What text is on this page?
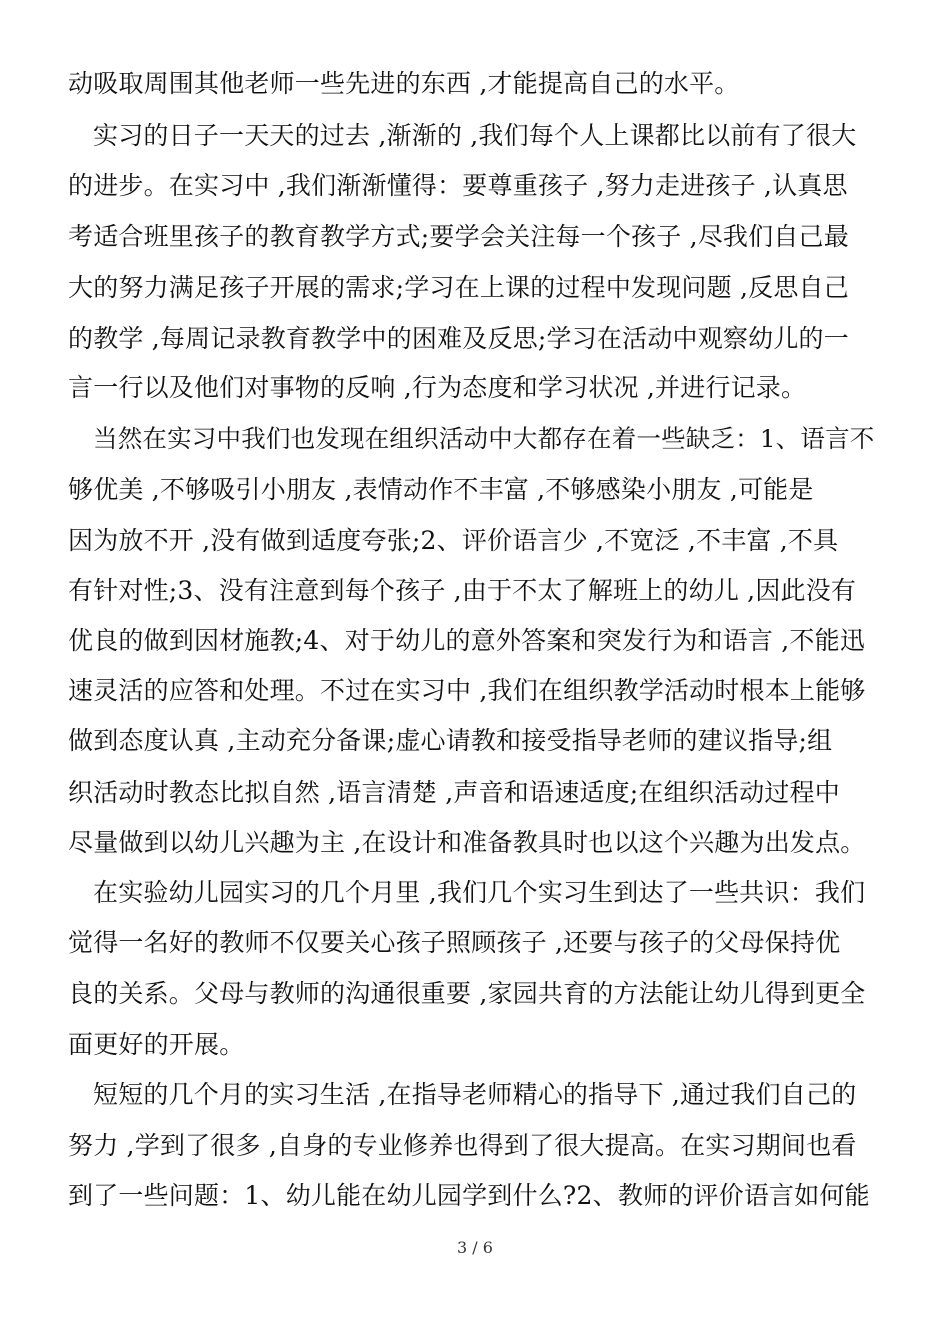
动吸取周围其他老师一些先进的东西 ,才能提高自己的水平。
实习的日子一天天的过去 ,渐渐的 ,我们每个人上课都比以前有了很大
的进步。在实习中 ,我们渐渐懂得：要尊重孩子 ,努力走进孩子 ,认真思
考适合班里孩子的教育教学方式;要学会关注每一个孩子 ,尽我们自己最
大的努力满足孩子开展的需求;学习在上课的过程中发现问题 ,反思自己
的教学 ,每周记录教育教学中的困难及反思;学习在活动中观察幼儿的一
言一行以及他们对事物的反响 ,行为态度和学习状况 ,并进行记录。
当然在实习中我们也发现在组织活动中大都存在着一些缺乏：1、语言不
够优美 ,不够吸引小朋友 ,表情动作不丰富 ,不够感染小朋友 ,可能是
因为放不开 ,没有做到适度夸张;2、评价语言少 ,不宽泛 ,不丰富 ,不具
有针对性;3、没有注意到每个孩子 ,由于不太了解班上的幼儿 ,因此没有
优良的做到因材施教;4、对于幼儿的意外答案和突发行为和语言 ,不能迅
速灵活的应答和处理。不过在实习中 ,我们在组织教学活动时根本上能够
做到态度认真 ,主动充分备课;虚心请教和接受指导老师的建议指导;组
织活动时教态比拟自然 ,语言清楚 ,声音和语速适度;在组织活动过程中
尽量做到以幼儿兴趣为主 ,在设计和准备教具时也以这个兴趣为出发点。
在实验幼儿园实习的几个月里 ,我们几个实习生到达了一些共识：我们
觉得一名好的教师不仅要关心孩子照顾孩子 ,还要与孩子的父母保持优
良的关系。父母与教师的沟通很重要 ,家园共育的方法能让幼儿得到更全
面更好的开展。
短短的几个月的实习生活 ,在指导老师精心的指导下 ,通过我们自己的
努力 ,学到了很多 ,自身的专业修养也得到了很大提高。在实习期间也看
到了一些问题：1、幼儿能在幼儿园学到什么?2、教师的评价语言如何能
3 / 6
